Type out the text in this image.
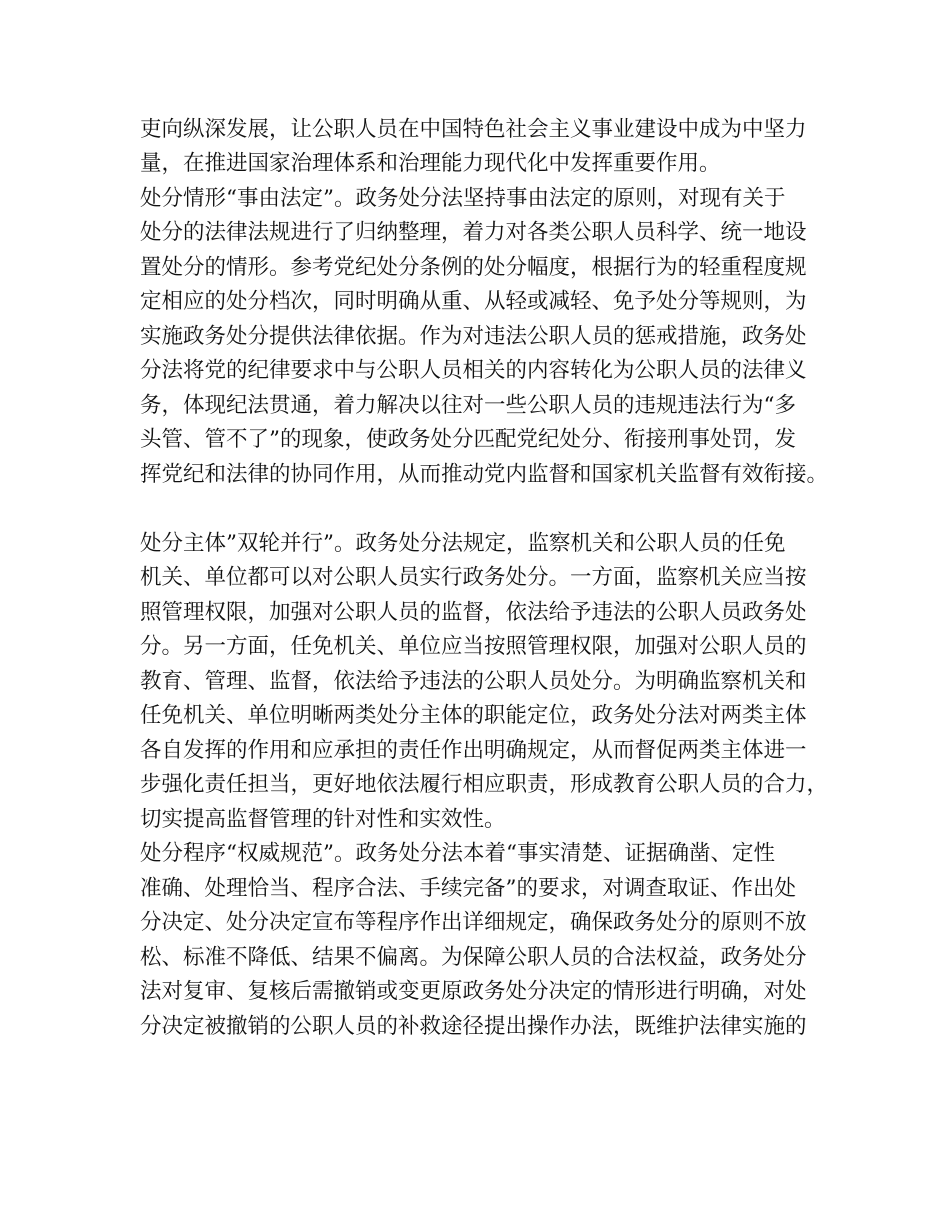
吏向纵深发展，让公职人员在中国特色社会主义事业建设中成为中坚力
量，在推进国家治理体系和治理能力现代化中发挥重要作用。
处分情形“事由法定”。政务处分法坚持事由法定的原则，对现有关于
处分的法律法规进行了归纳整理，着力对各类公职人员科学、统一地设
置处分的情形。参考党纪处分条例的处分幅度，根据行为的轻重程度规
定相应的处分档次，同时明确从重、从轻或减轻、免予处分等规则，为
实施政务处分提供法律依据。作为对违法公职人员的惩戒措施，政务处
分法将党的纪律要求中与公职人员相关的内容转化为公职人员的法律义
务，体现纪法贯通，着力解决以往对一些公职人员的违规违法行为“多
头管、管不了”的现象，使政务处分匹配党纪处分、衔接刑事处罚，发
挥党纪和法律的协同作用，从而推动党内监督和国家机关监督有效衔接。
处分主体”双轮并行”。政务处分法规定，监察机关和公职人员的任免
机关、单位都可以对公职人员实行政务处分。一方面，监察机关应当按
照管理权限，加强对公职人员的监督，依法给予违法的公职人员政务处
分。另一方面，任免机关、单位应当按照管理权限，加强对公职人员的
教育、管理、监督，依法给予违法的公职人员处分。为明确监察机关和
任免机关、单位明晰两类处分主体的职能定位，政务处分法对两类主体
各自发挥的作用和应承担的责任作出明确规定，从而督促两类主体进一
步强化责任担当，更好地依法履行相应职责，形成教育公职人员的合力，
切实提高监督管理的针对性和实效性。
处分程序“权威规范”。政务处分法本着“事实清楚、证据确凿、定性
准确、处理恰当、程序合法、手续完备”的要求，对调查取证、作出处
分决定、处分决定宣布等程序作出详细规定，确保政务处分的原则不放
松、标准不降低、结果不偏离。为保障公职人员的合法权益，政务处分
法对复审、复核后需撤销或变更原政务处分决定的情形进行明确，对处
分决定被撤销的公职人员的补救途径提出操作办法，既维护法律实施的
